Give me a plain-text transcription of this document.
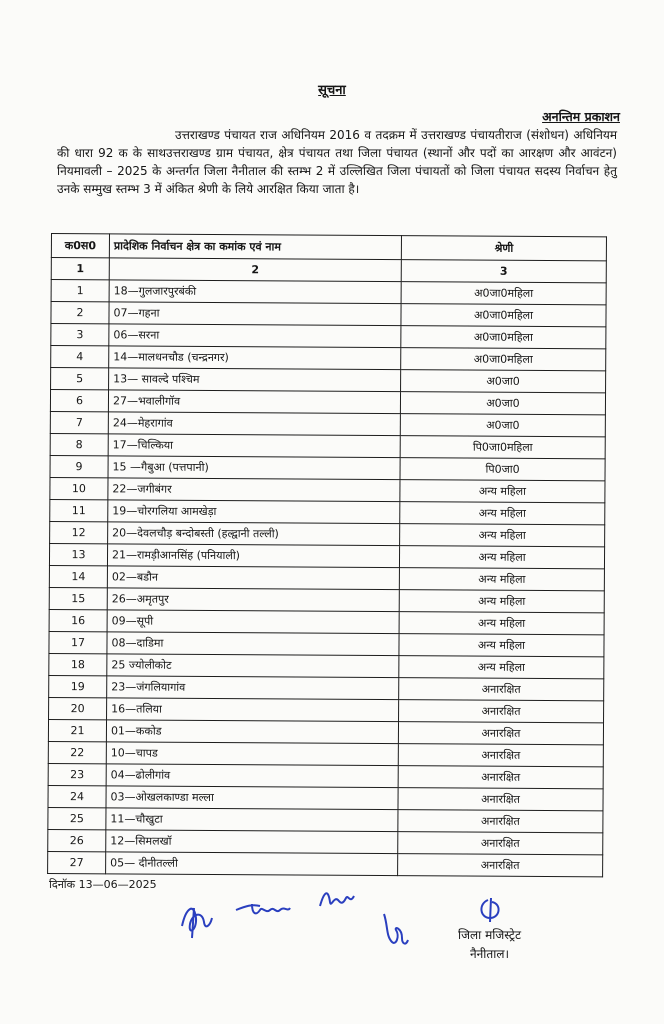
सूचना
अनन्तिम प्रकाशन

उत्तराखण्ड पंचायत राज अधिनियम 2016 व तदक्रम में उत्तराखण्ड पंचायतीराज (संशोधन) अधिनियम की धारा 92 क के साथउत्तराखण्ड ग्राम पंचायत, क्षेत्र पंचायत तथा जिला पंचायत (स्थानों और पदों का आरक्षण और आवंटन) नियमावली – 2025 के अन्तर्गत जिला नैनीताल की स्तम्भ 2 में उल्लिखित जिला पंचायतों को जिला पंचायत सदस्य निर्वाचन हेतु उनके सम्मुख स्तम्भ 3 में अंकित श्रेणी के लिये आरक्षित किया जाता है।

क0स0	प्रादेशिक निर्वाचन क्षेत्र का कमांक एवं नाम	श्रेणी
1	2	3
1	18—गुलजारपुरबंकी	अ0जा0महिला
2	07—गहना	अ0जा0महिला
3	06—सरना	अ0जा0महिला
4	14—मालधनचौड (चन्द्रनगर)	अ0जा0महिला
5	13— सावल्दे पश्चिम	अ0जा0
6	27—भवालीगॉव	अ0जा0
7	24—मेहरागांव	अ0जा0
8	17—चिल्किया	पि0जा0महिला
9	15 —गैबुआ (पत्तपानी)	पि0जा0
10	22—जगीबंगर	अन्य महिला
11	19—चोरगलिया आमखेड़ा	अन्य महिला
12	20—देवलचौड़ बन्दोबस्ती (हल्द्वानी तल्ली)	अन्य महिला
13	21—रामड़ीआनसिंह (पनियाली)	अन्य महिला
14	02—बडौन	अन्य महिला
15	26—अमृतपुर	अन्य महिला
16	09—सूपी	अन्य महिला
17	08—दाडिमा	अन्य महिला
18	25 ज्योलीकोट	अन्य महिला
19	23—जंगलियागांव	अनारक्षित
20	16—तलिया	अनारक्षित
21	01—ककोड	अनारक्षित
22	10—चापड	अनारक्षित
23	04—ढोलीगांव	अनारक्षित
24	03—ओखलकाण्डा मल्ला	अनारक्षित
25	11—चौखुटा	अनारक्षित
26	12—सिमलखॉ	अनारक्षित
27	05— दीनीतल्ली	अनारक्षित
दिनॉक 13—06—2025
जिला मजिस्ट्रेट
नैनीताल।
